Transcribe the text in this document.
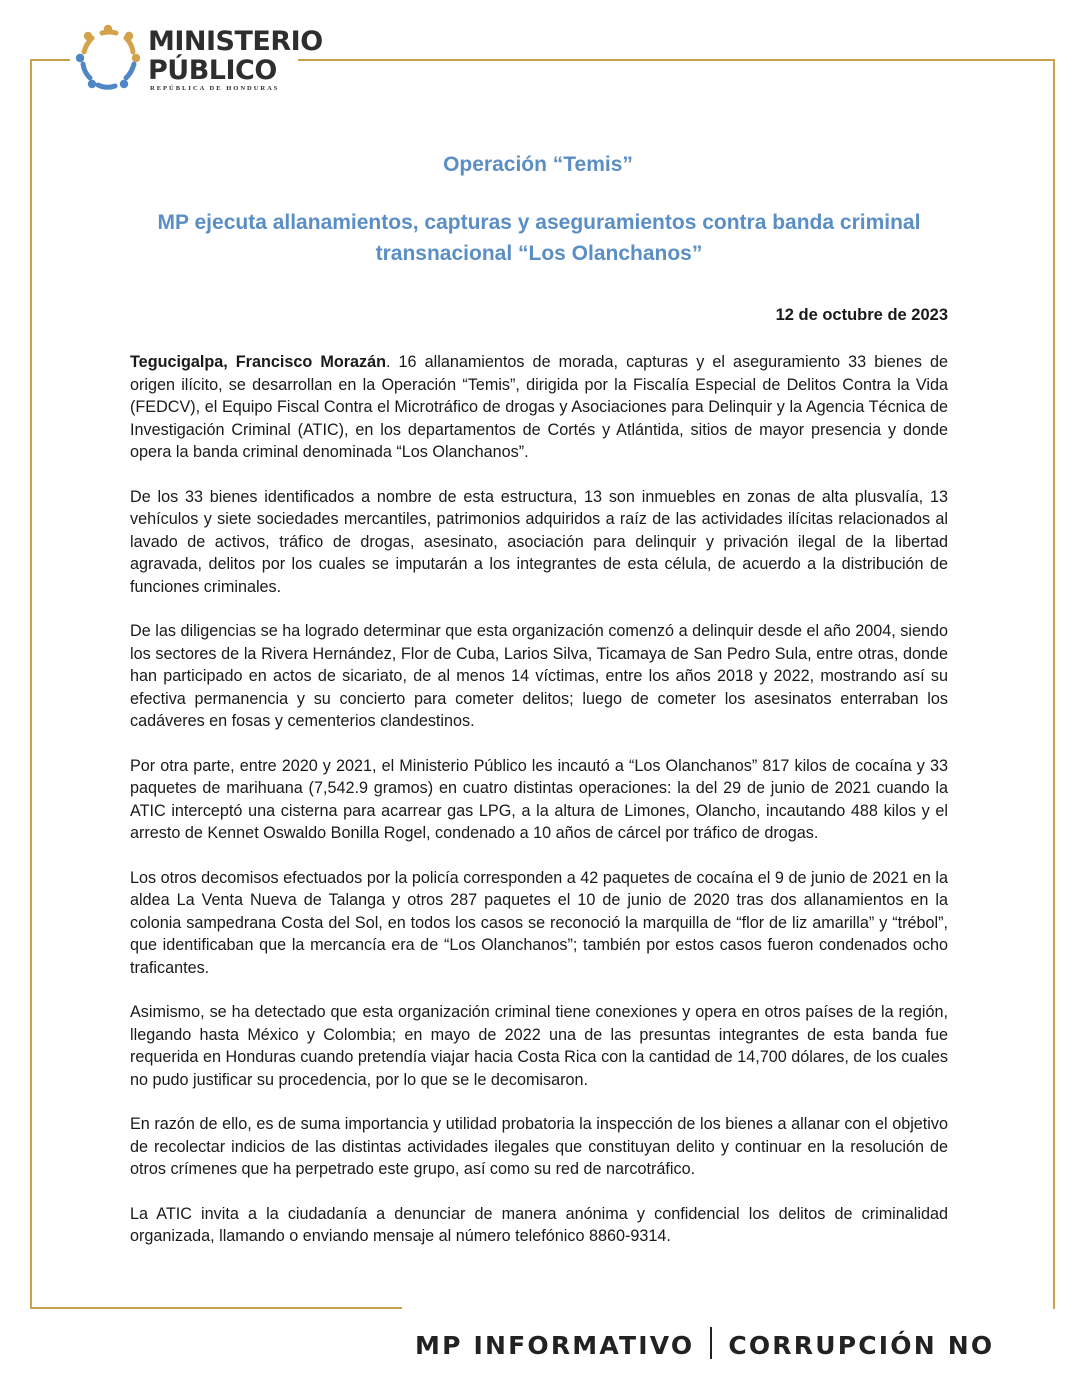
MINISTERIO
PÚBLICO
REPÚBLICA DE HONDURAS
Operación “Temis”
MP ejecuta allanamientos, capturas y aseguramientos contra banda criminal transnacional “Los Olanchanos”
12 de octubre de 2023

Tegucigalpa, Francisco Morazán. 16 allanamientos de morada, capturas y el aseguramiento 33 bienes de origen ilícito, se desarrollan en la Operación “Temis”, dirigida por la Fiscalía Especial de Delitos Contra la Vida (FEDCV), el Equipo Fiscal Contra el Microtráfico de drogas y Asociaciones para Delinquir y la Agencia Técnica de Investigación Criminal (ATIC), en los departamentos de Cortés y Atlántida, sitios de mayor presencia y donde opera la banda criminal denominada “Los Olanchanos”.

De los 33 bienes identificados a nombre de esta estructura, 13 son inmuebles en zonas de alta plusvalía, 13 vehículos y siete sociedades mercantiles, patrimonios adquiridos a raíz de las actividades ilícitas relacionados al lavado de activos, tráfico de drogas, asesinato, asociación para delinquir y privación ilegal de la libertad agravada, delitos por los cuales se imputarán a los integrantes de esta célula, de acuerdo a la distribución de funciones criminales.

De las diligencias se ha logrado determinar que esta organización comenzó a delinquir desde el año 2004, siendo los sectores de la Rivera Hernández, Flor de Cuba, Larios Silva, Ticamaya de San Pedro Sula, entre otras, donde han participado en actos de sicariato, de al menos 14 víctimas, entre los años 2018 y 2022, mostrando así su efectiva permanencia y su concierto para cometer delitos; luego de cometer los asesinatos enterraban los cadáveres en fosas y cementerios clandestinos.

Por otra parte, entre 2020 y 2021, el Ministerio Público les incautó a “Los Olanchanos” 817 kilos de cocaína y 33 paquetes de marihuana (7,542.9 gramos) en cuatro distintas operaciones: la del 29 de junio de 2021 cuando la ATIC interceptó una cisterna para acarrear gas LPG, a la altura de Limones, Olancho, incautando 488 kilos y el arresto de Kennet Oswaldo Bonilla Rogel, condenado a 10 años de cárcel por tráfico de drogas.

Los otros decomisos efectuados por la policía corresponden a 42 paquetes de cocaína el 9 de junio de 2021 en la aldea La Venta Nueva de Talanga y otros 287 paquetes el 10 de junio de 2020 tras dos allanamientos en la colonia sampedrana Costa del Sol, en todos los casos se reconoció la marquilla de “flor de liz amarilla” y “trébol”, que identificaban que la mercancía era de “Los Olanchanos”; también por estos casos fueron condenados ocho traficantes.

Asimismo, se ha detectado que esta organización criminal tiene conexiones y opera en otros países de la región, llegando hasta México y Colombia; en mayo de 2022 una de las presuntas integrantes de esta banda fue requerida en Honduras cuando pretendía viajar hacia Costa Rica con la cantidad de 14,700 dólares, de los cuales no pudo justificar su procedencia, por lo que se le decomisaron.

En razón de ello, es de suma importancia y utilidad probatoria la inspección de los bienes a allanar con el objetivo de recolectar indicios de las distintas actividades ilegales que constituyan delito y continuar en la resolución de otros crímenes que ha perpetrado este grupo, así como su red de narcotráfico.

La ATIC invita a la ciudadanía a denunciar de manera anónima y confidencial los delitos de criminalidad organizada, llamando o enviando mensaje al número telefónico 8860-9314.

MP INFORMATIVO CORRUPCIÓN NO
